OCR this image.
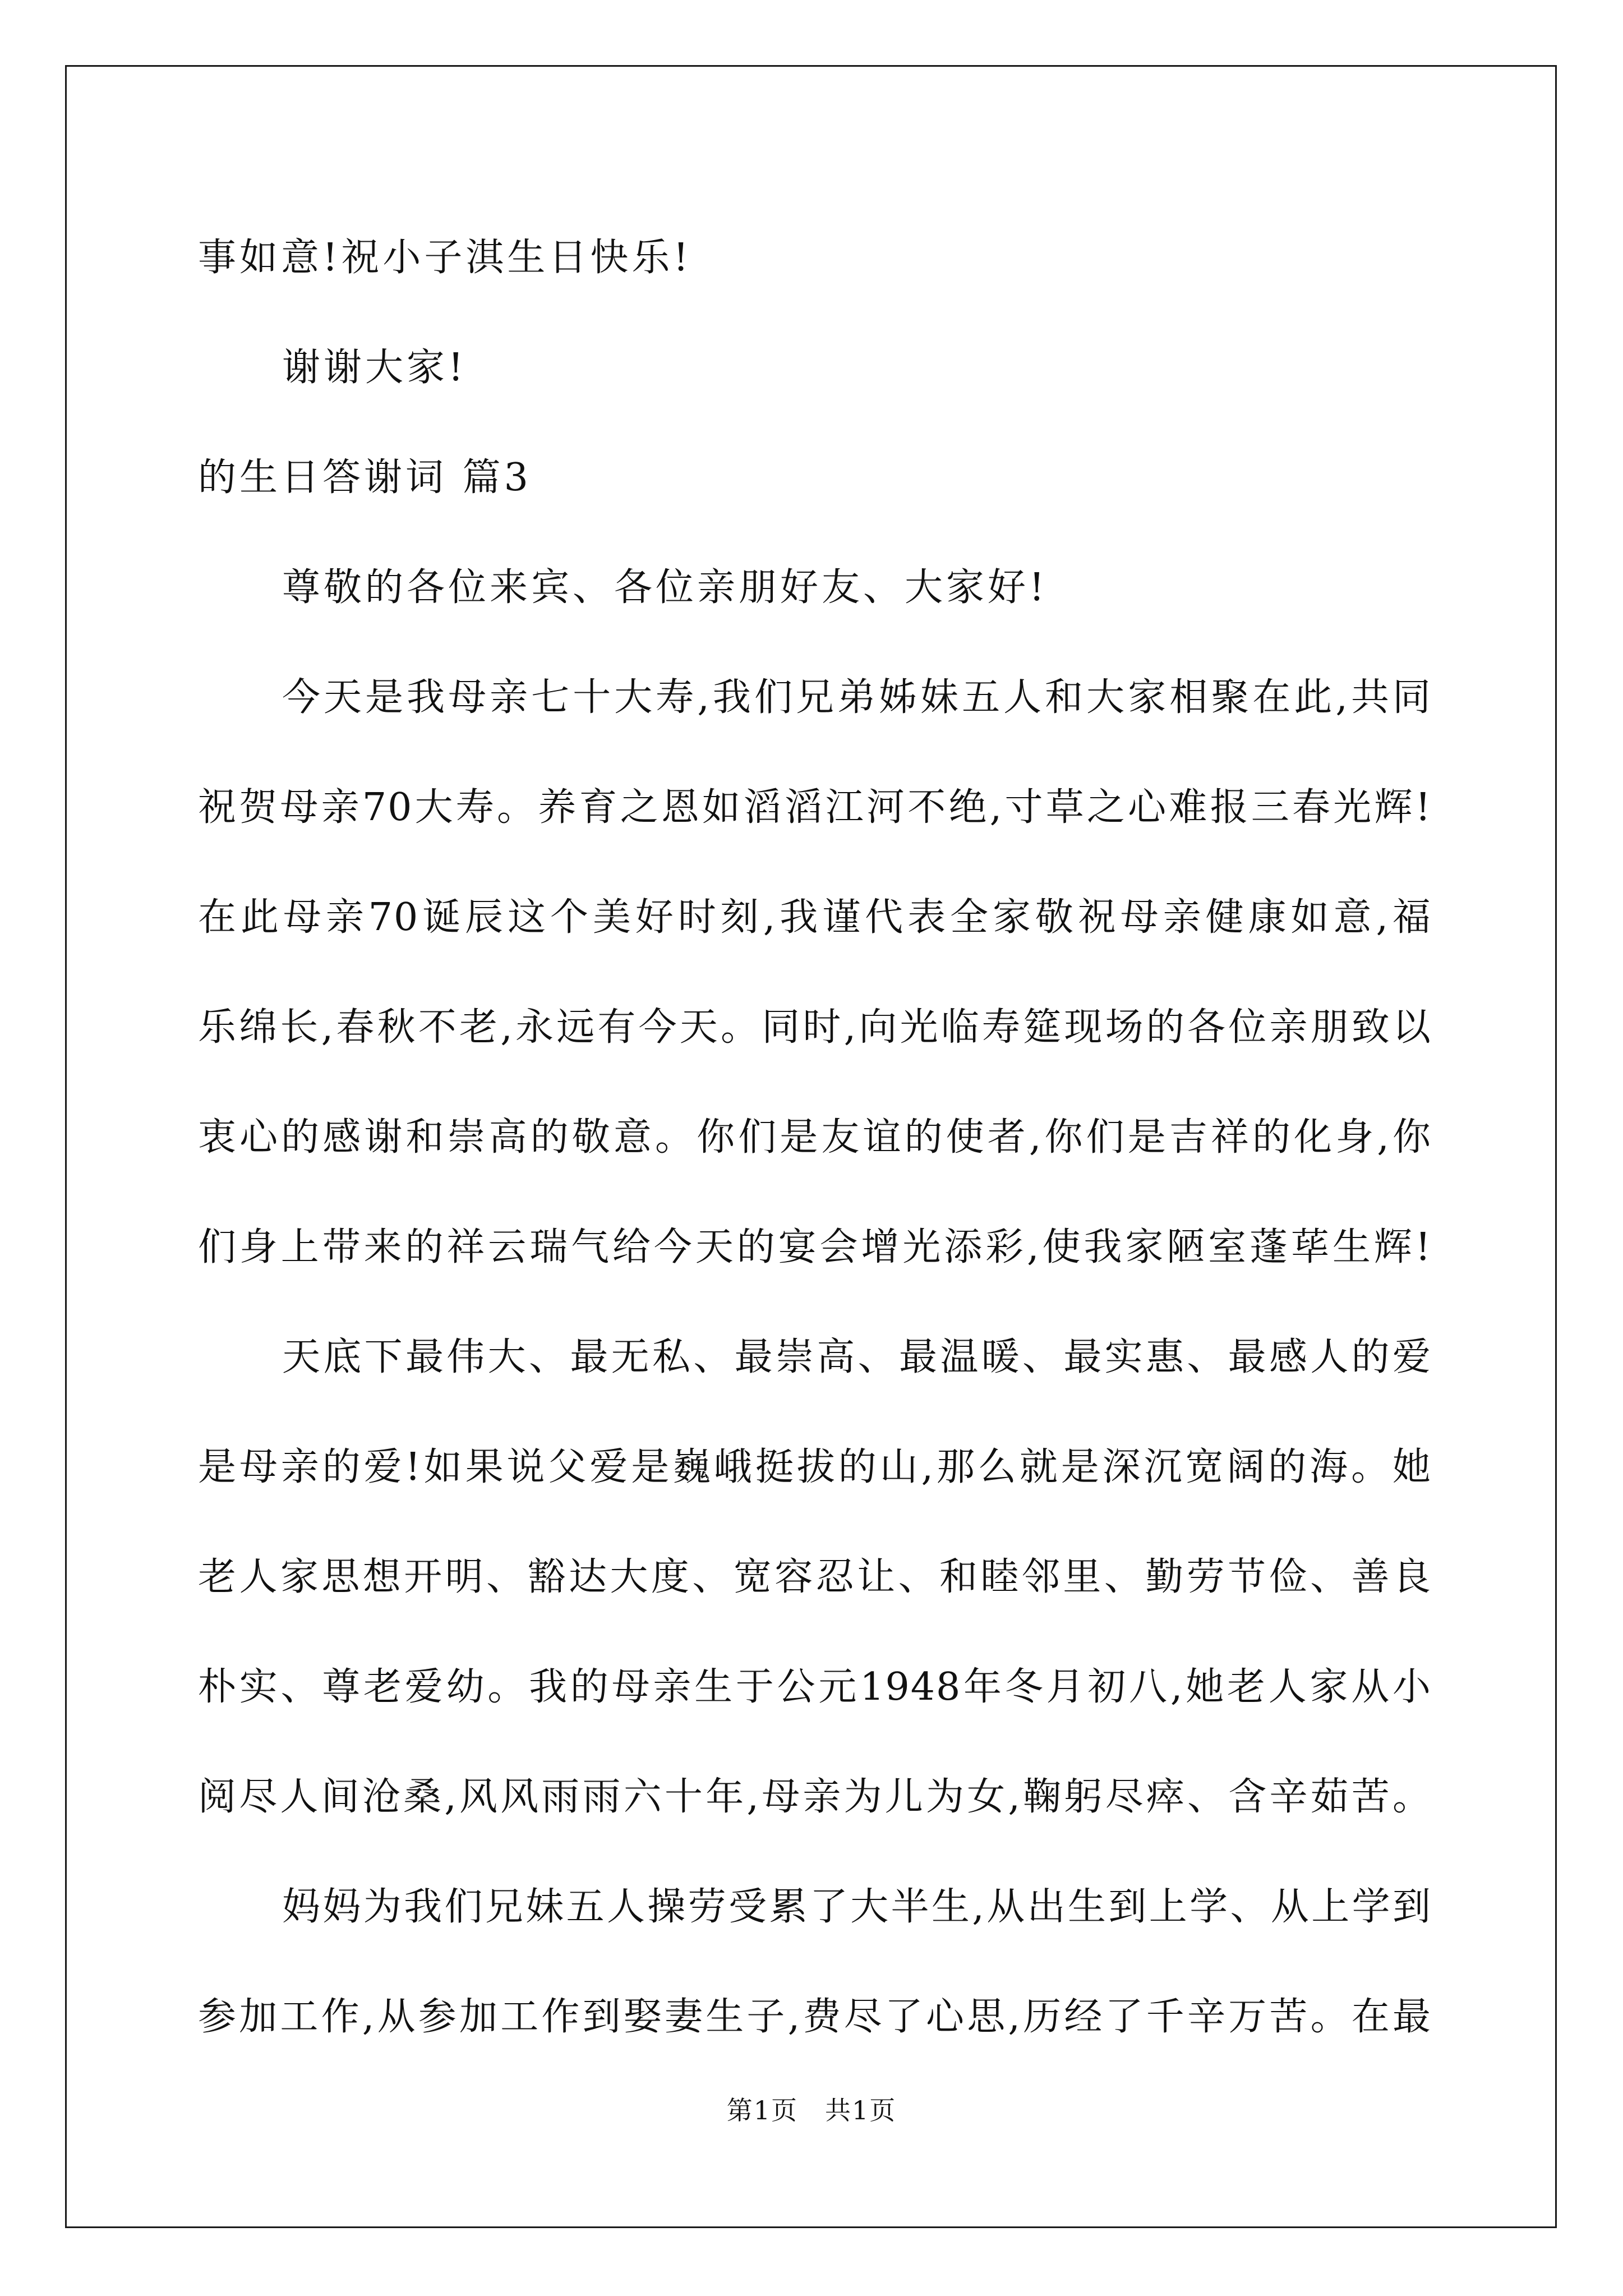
事如意!祝小子淇生日快乐!
谢谢大家!
的生日答谢词 篇3
尊敬的各位来宾、各位亲朋好友、大家好!
今天是我母亲七十大寿,我们兄弟姊妹五人和大家相聚在此,共同
祝贺母亲70大寿。养育之恩如滔滔江河不绝,寸草之心难报三春光辉!
在此母亲70诞辰这个美好时刻,我谨代表全家敬祝母亲健康如意,福
乐绵长,春秋不老,永远有今天。同时,向光临寿筵现场的各位亲朋致以
衷心的感谢和崇高的敬意。你们是友谊的使者,你们是吉祥的化身,你
们身上带来的祥云瑞气给今天的宴会增光添彩,使我家陋室蓬荜生辉!
天底下最伟大、最无私、最崇高、最温暖、最实惠、最感人的爱
是母亲的爱!如果说父爱是巍峨挺拔的山,那么就是深沉宽阔的海。她
老人家思想开明、豁达大度、宽容忍让、和睦邻里、勤劳节俭、善良
朴实、尊老爱幼。我的母亲生于公元1948年冬月初八,她老人家从小
阅尽人间沧桑,风风雨雨六十年,母亲为儿为女,鞠躬尽瘁、含辛茹苦。
妈妈为我们兄妹五人操劳受累了大半生,从出生到上学、从上学到
参加工作,从参加工作到娶妻生子,费尽了心思,历经了千辛万苦。在最
第1页　共1页
